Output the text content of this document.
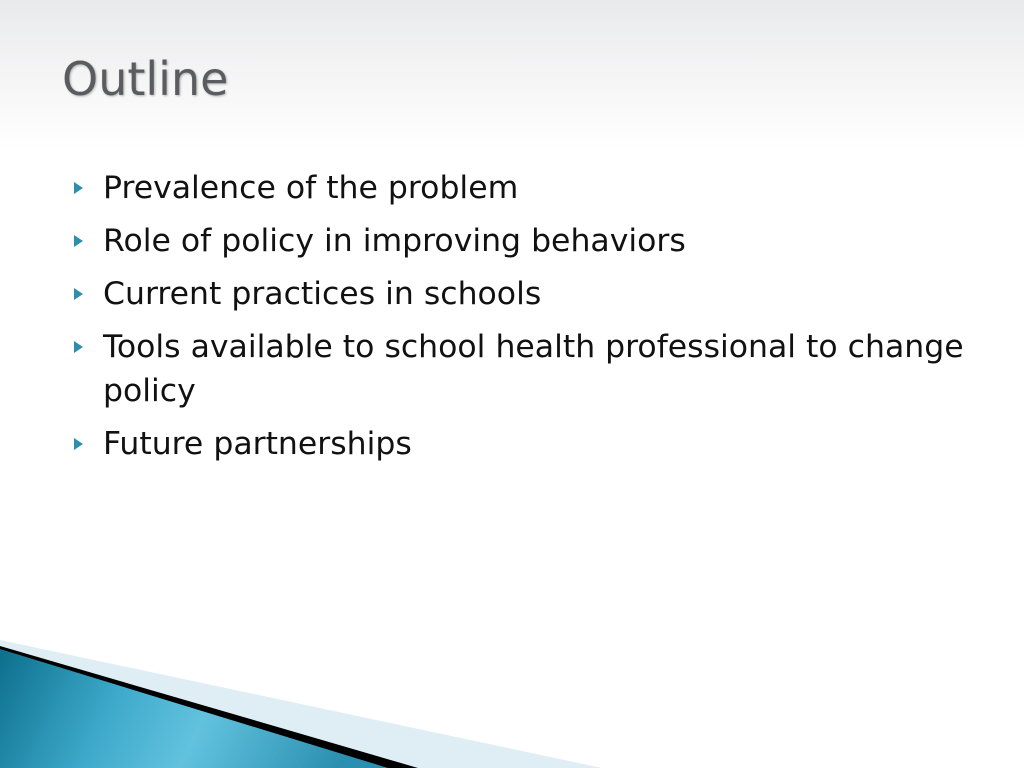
Outline
Prevalence of the problem
Role of policy in improving behaviors
Current practices in schools
Tools available to school health professional to change policy
Future partnerships
